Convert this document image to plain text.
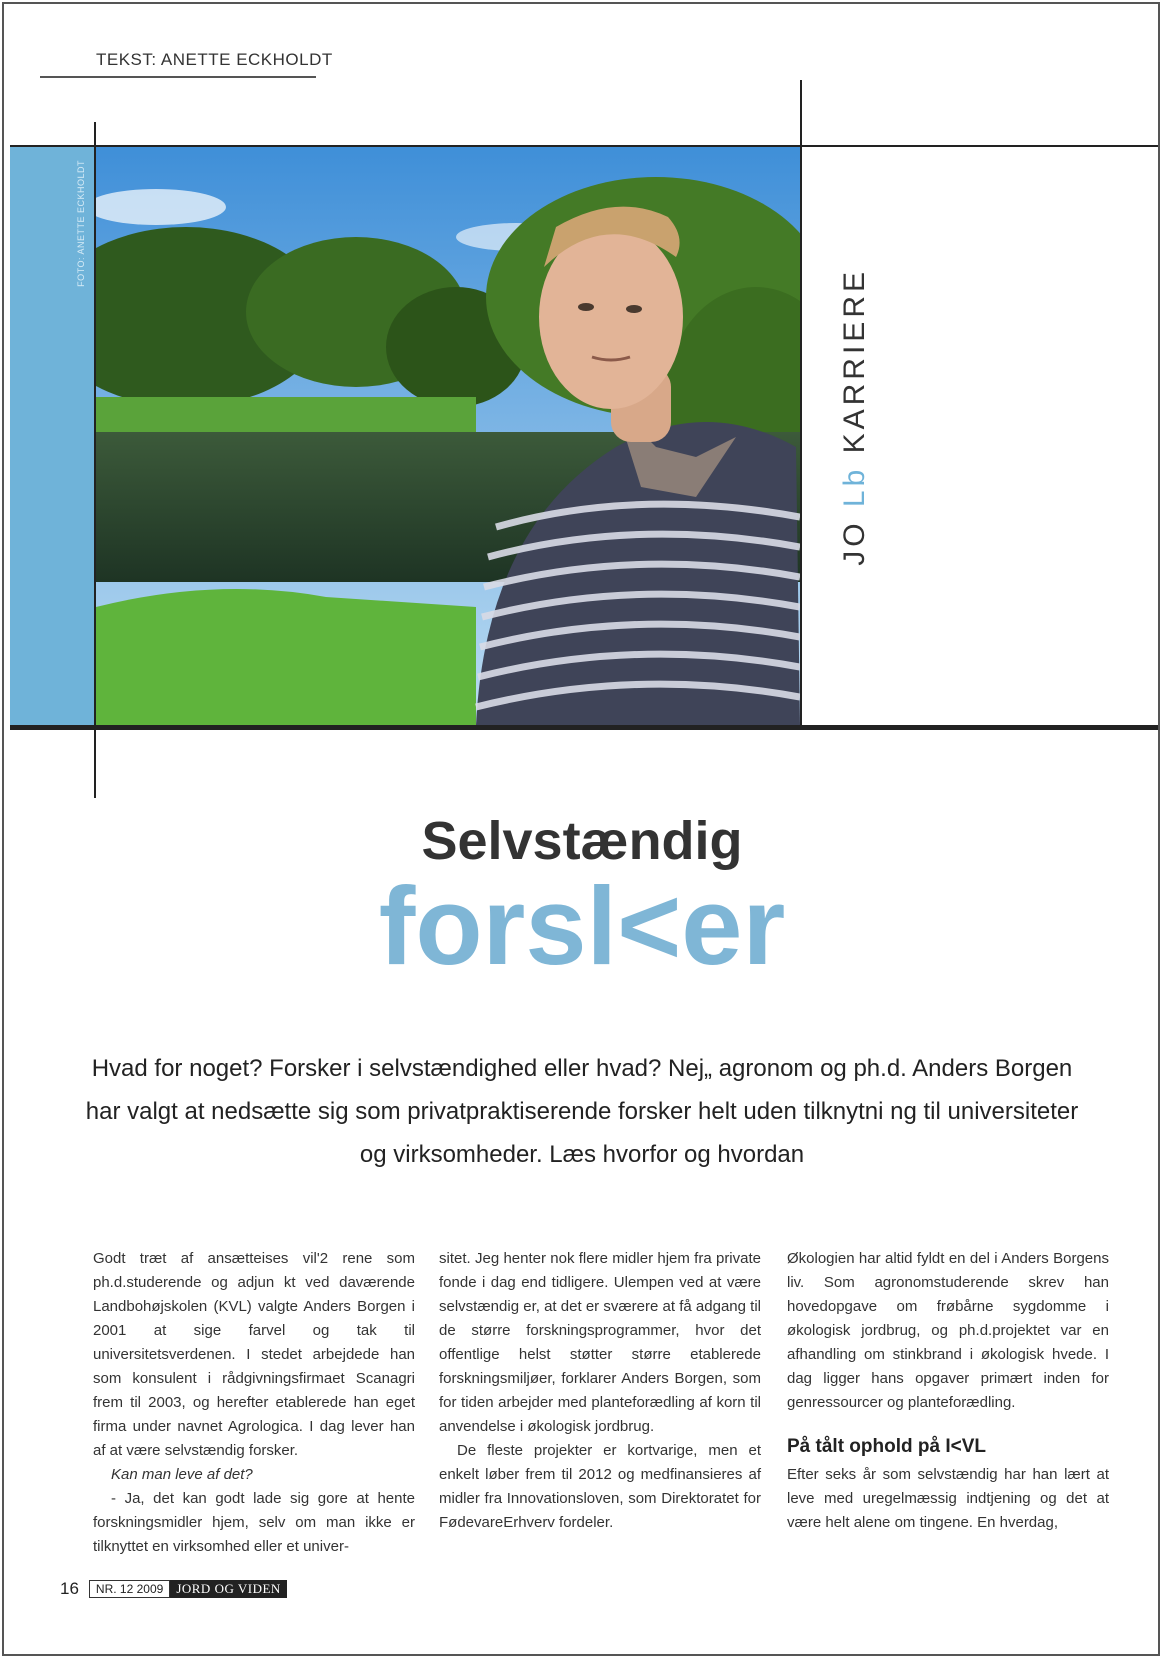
TEKST: ANETTE ECKHOLDT
FOTO: ANETTE ECKHOLDT
JO Lb KARRIERE
Selvstændig
forsl<er

Hvad for noget? Forsker i selvstændighed eller hvad? Nej„ agronom og ph.d. Anders Borgen har valgt at nedsætte sig som privatpraktiserende forsker helt uden tilknytni ng til universiteter og virksomheder. Læs hvorfor og hvordan

Godt træt af ansætteises vil'2 rene som ph.d.studerende og adjun kt ved daværende Landbohøjskolen (KVL) valgte Anders Borgen i 2001 at sige farvel og tak til universitetsverdenen. I stedet arbejdede han som konsulent i rådgivningsfirmaet Scanagri frem til 2003, og herefter etablerede han eget firma under navnet Agrologica. I dag lever han af at være selvstændig forsker.

Kan man leve af det?

- Ja, det kan godt lade sig gore at hente forskningsmidler hjem, selv om man ikke er tilknyttet en virksomhed eller et univer-

sitet. Jeg henter nok flere midler hjem fra private fonde i dag end tidligere. Ulempen ved at være selvstændig er, at det er sværere at få adgang til de større forskningsprogrammer, hvor det offentlige helst støtter større etablerede forskningsmiljøer, forklarer Anders Borgen, som for tiden arbejder med planteforædling af korn til anvendelse i økologisk jordbrug.

De fleste projekter er kortvarige, men et enkelt løber frem til 2012 og medfinansieres af midler fra Innovationsloven, som Direktoratet for FødevareErhverv fordeler.

Økologien har altid fyldt en del i Anders Borgens liv. Som agronomstuderende skrev han hovedopgave om frøbårne sygdomme i økologisk jordbrug, og ph.d.projektet var en afhandling om stinkbrand i økologisk hvede. I dag ligger hans opgaver primært inden for genressourcer og planteforædling.

På tålt ophold på I<VL

Efter seks år som selvstændig har han lært at leve med uregelmæssig indtjening og det at være helt alene om tingene. En hverdag,

16	NR. 12 2009	JORD OG VIDEN
